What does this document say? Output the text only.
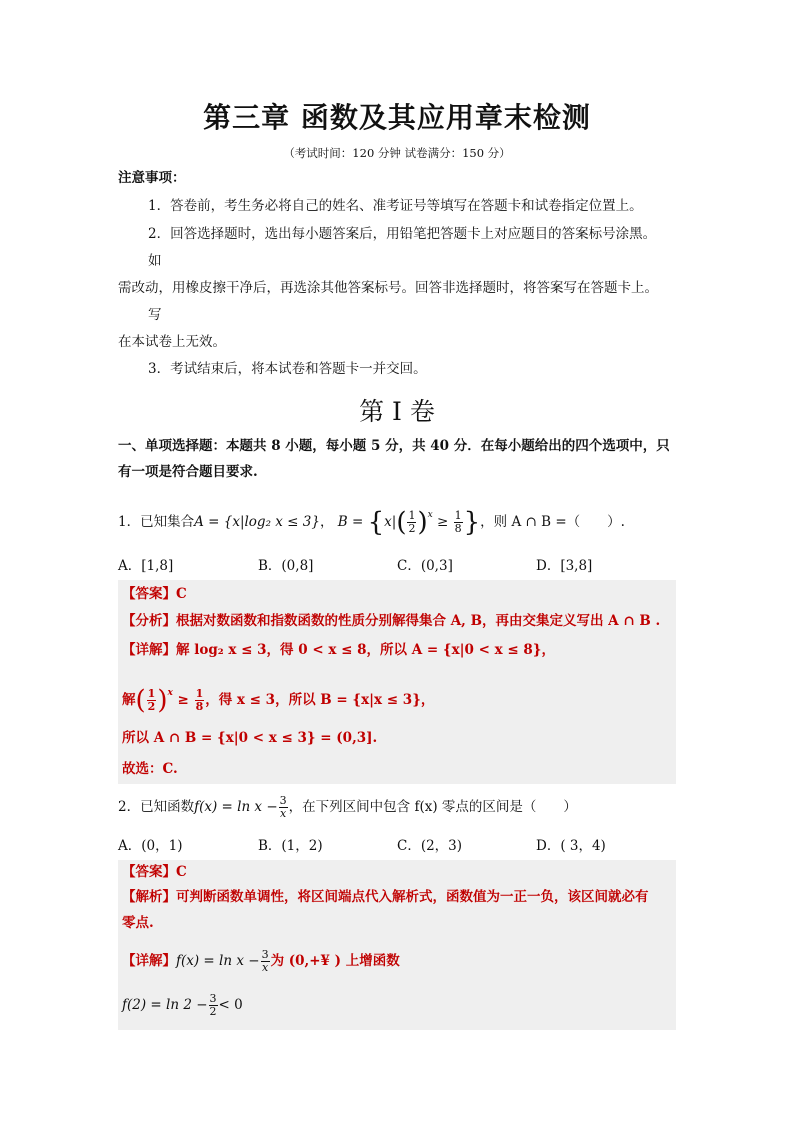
第三章 函数及其应用章末检测
（考试时间：120 分钟 试卷满分：150 分）
注意事项：
1．答卷前，考生务必将自己的姓名、准考证号等填写在答题卡和试卷指定位置上。
2．回答选择题时，选出每小题答案后，用铅笔把答题卡上对应题目的答案标号涂黑。
如
需改动，用橡皮擦干净后，再选涂其他答案标号。回答非选择题时，将答案写在答题卡上。
写
在本试卷上无效。
3．考试结束后，将本试卷和答题卡一并交回。
第 I 卷
一、单项选择题：本题共 8 小题，每小题 5 分，共 40 分．在每小题给出的四个选项中，只
有一项是符合题目要求.
1．已知集合A = {x|log₂ x ≤ 3}， $B = \{x|( \frac{1}{2} )^x \ge \frac{1}{8}$ }，则 A ∩ B =（　　）.
A．[1,8]	B．(0,8]	C．(0,3]	D．[3,8]
【答案】C
【分析】根据对数函数和指数函数的性质分别解得集合 A, B，再由交集定义写出 A ∩ B .
【详解】解 log₂ x ≤ 3，得 0 < x ≤ 8，所以 A = {x|0 < x ≤ 8}，
解( $\frac{1}{2} )^x \ge \frac{1}{8}$ ，得 x ≤ 3，所以 B = {x|x ≤ 3}，
所以 A ∩ B = {x|0 < x ≤ 3} = (0,3].
故选：C.
2．已知函数$f(x) = \ln x - \frac{3}{x}$ ，在下列区间中包含 f(x) 零点的区间是（　　）
A．(0，1)	B．(1，2)	C．(2，3)	D．( 3，4)
【答案】C
【解析】可判断函数单调性，将区间端点代入解析式，函数值为一正一负，该区间就必有
零点.
【详解】$f(x) = \ln x - \frac{3}{x}$ 为 (0,+¥ ) 上增函数
$f(2) = \ln 2 - \frac{3}{2} < 0$
